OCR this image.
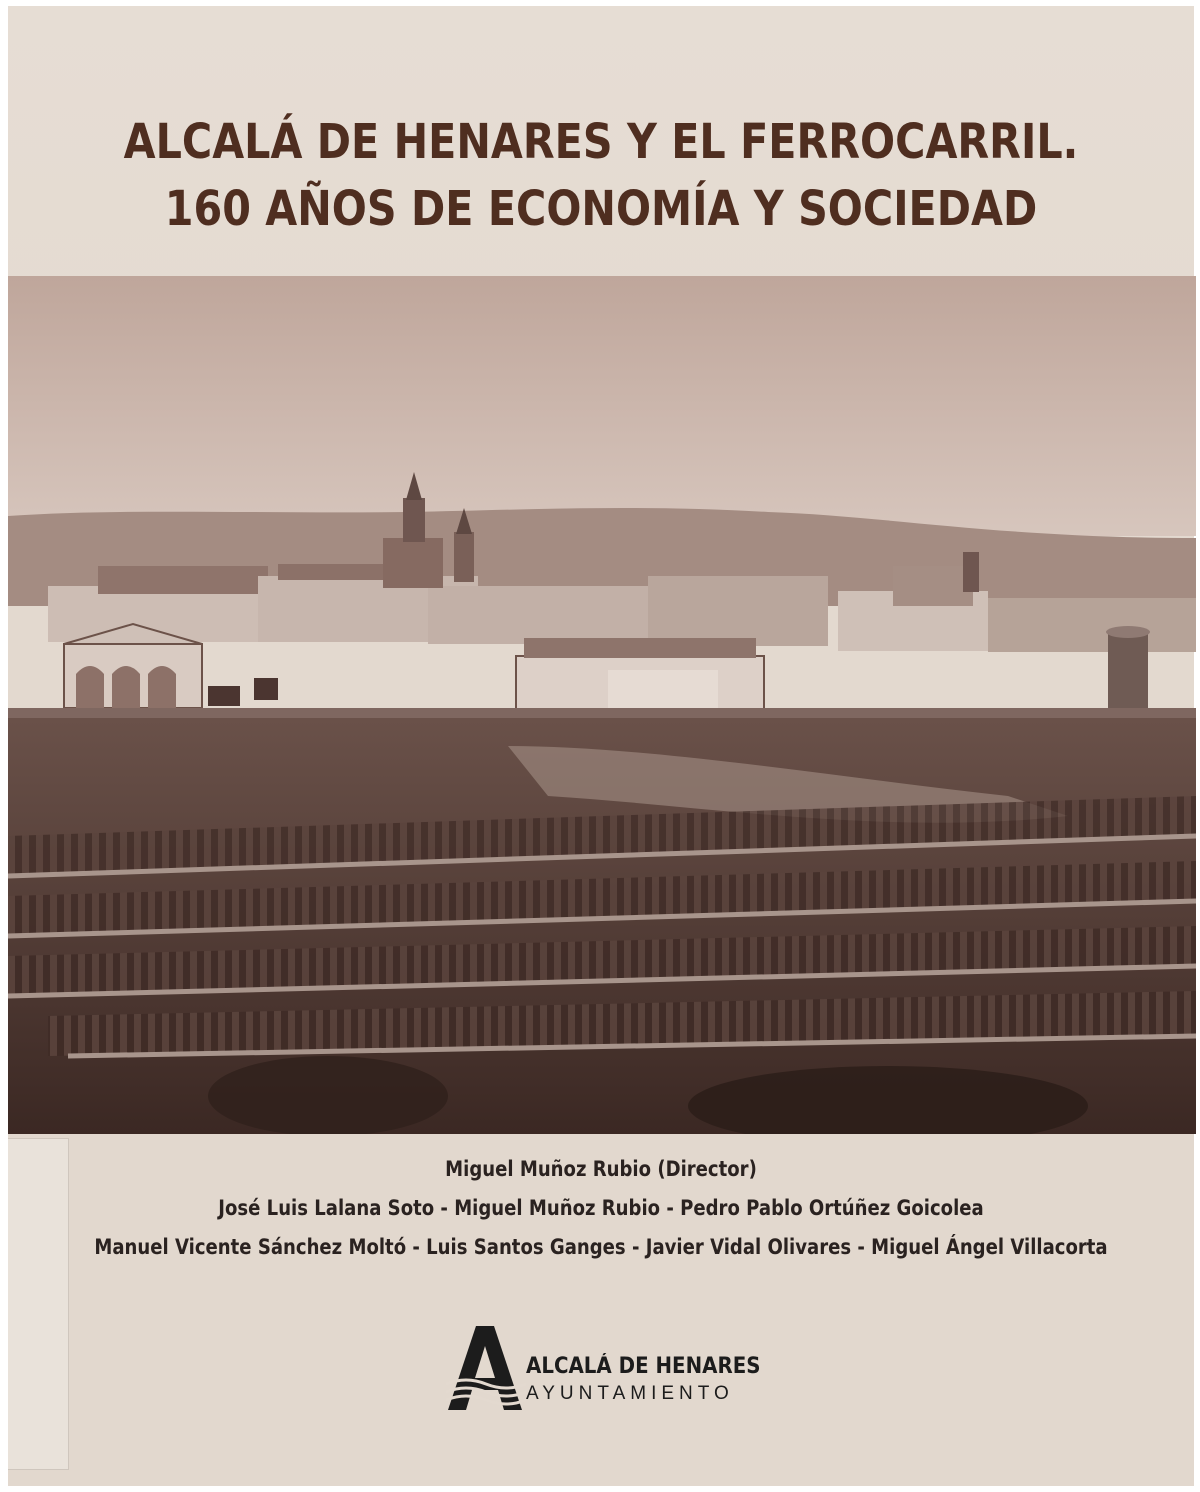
ALCALÁ DE HENARES Y EL FERROCARRIL.
160 AÑOS DE ECONOMÍA Y SOCIEDAD

Miguel Muñoz Rubio (Director)

José Luis Lalana Soto - Miguel Muñoz Rubio - Pedro Pablo Ortúñez Goicolea

Manuel Vicente Sánchez Moltó - Luis Santos Ganges - Javier Vidal Olivares - Miguel Ángel Villacorta

ALCALÁ DE HENARES
AYUNTAMIENTO
